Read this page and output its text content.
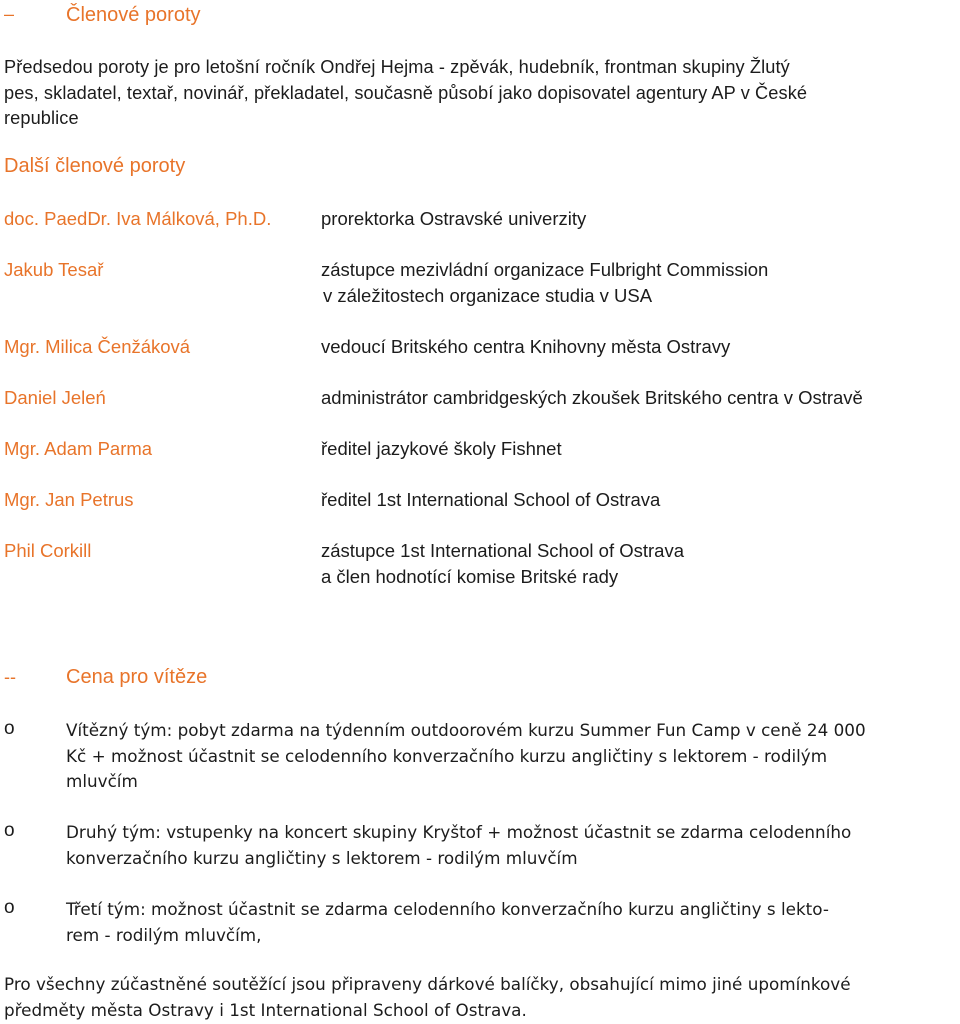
–	Členové poroty
Předsedou poroty je pro letošní ročník Ondřej Hejma - zpěvák, hudebník, frontman skupiny Žlutý
pes, skladatel, textař, novinář, překladatel, současně působí jako dopisovatel agentury AP v České
republice
Další členové poroty
doc. PaedDr. Iva Málková, Ph.D.	prorektorka Ostravské univerzity
Jakub Tesař	zástupce mezivládní organizace Fulbright Commission
v záležitostech organizace studia v USA
Mgr. Milica Čenžáková	vedoucí Britského centra Knihovny města Ostravy
Daniel Jeleń	administrátor cambridgeských zkoušek Britského centra v Ostravě
Mgr. Adam Parma	ředitel jazykové školy Fishnet
Mgr. Jan Petrus	ředitel 1st International School of Ostrava
Phil Corkill	zástupce 1st International School of Ostrava
a člen hodnotící komise Britské rady
--	Cena pro vítěze
o	Vítězný tým: pobyt zdarma na týdenním outdoorovém kurzu Summer Fun Camp v ceně 24 000
Kč + možnost účastnit se celodenního konverzačního kurzu angličtiny s lektorem - rodilým
mluvčím
o	Druhý tým: vstupenky na koncert skupiny Kryštof + možnost účastnit se zdarma celodenního
konverzačního kurzu angličtiny s lektorem - rodilým mluvčím
o	Třetí tým: možnost účastnit se zdarma celodenního konverzačního kurzu angličtiny s lekto-
rem - rodilým mluvčím,
Pro všechny zúčastněné soutěžící jsou připraveny dárkové balíčky, obsahující mimo jiné upomínkové
předměty města Ostravy i 1st International School of Ostrava.
